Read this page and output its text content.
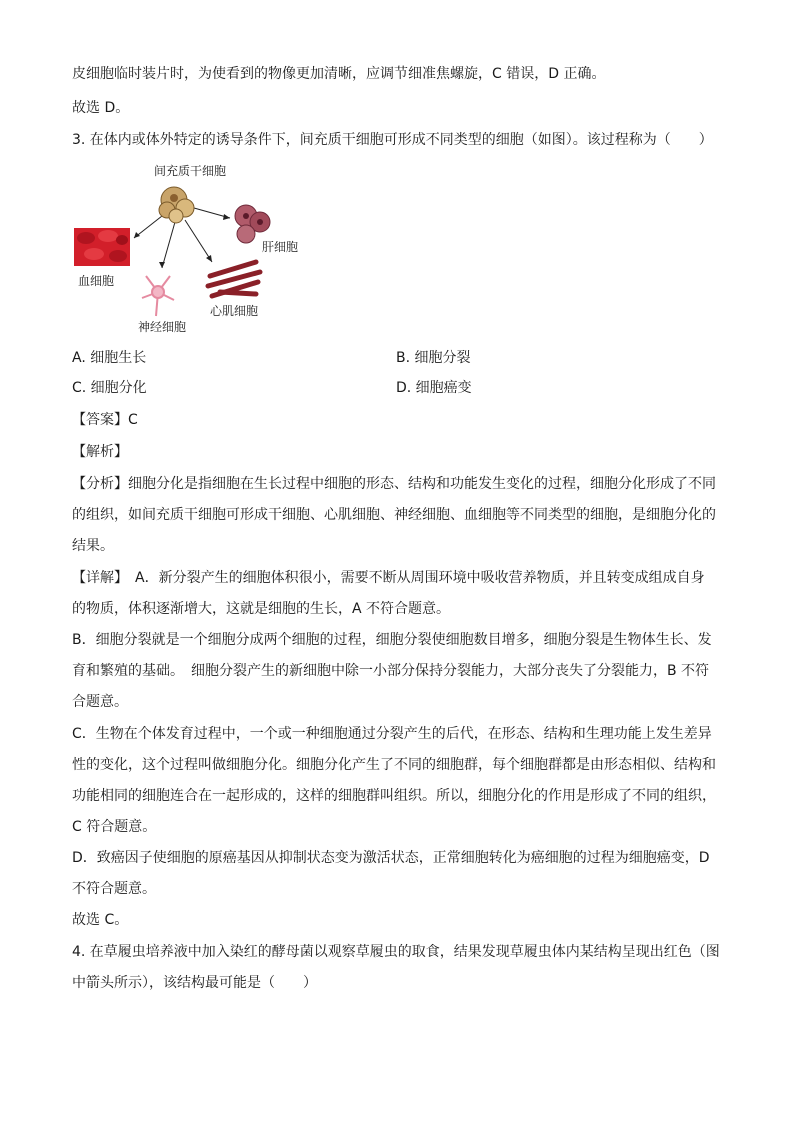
皮细胞临时装片时，为使看到的物像更加清晰，应调节细准焦螺旋，C 错误，D 正确。
故选 D。
3. 在体内或体外特定的诱导条件下，间充质干细胞可形成不同类型的细胞（如图）。该过程称为（　　）
间充质干细胞
肝细胞
血细胞
心肌细胞
神经细胞
A. 细胞生长	B. 细胞分裂
C. 细胞分化	D. 细胞癌变
【答案】C
【解析】
【分析】细胞分化是指细胞在生长过程中细胞的形态、结构和功能发生变化的过程，细胞分化形成了不同
的组织，如间充质干细胞可形成干细胞、心肌细胞、神经细胞、血细胞等不同类型的细胞，是细胞分化的
结果。
【详解】　A．新分裂产生的细胞体积很小，需要不断从周围环境中吸收营养物质，并且转变成组成自身
的物质，体积逐渐增大，这就是细胞的生长，A 不符合题意。
B．细胞分裂就是一个细胞分成两个细胞的过程，细胞分裂使细胞数目增多，细胞分裂是生物体生长、发
育和繁殖的基础。　细胞分裂产生的新细胞中除一小部分保持分裂能力，大部分丧失了分裂能力，B 不符
合题意。
C．生物在个体发育过程中，一个或一种细胞通过分裂产生的后代，在形态、结构和生理功能上发生差异
性的变化，这个过程叫做细胞分化。细胞分化产生了不同的细胞群，每个细胞群都是由形态相似、结构和
功能相同的细胞连合在一起形成的，这样的细胞群叫组织。所以，细胞分化的作用是形成了不同的组织，
C 符合题意。
D．致癌因子使细胞的原癌基因从抑制状态变为激活状态，正常细胞转化为癌细胞的过程为细胞癌变，D
不符合题意。
故选 C。
4. 在草履虫培养液中加入染红的酵母菌以观察草履虫的取食，结果发现草履虫体内某结构呈现出红色（图
中箭头所示），该结构最可能是（　　）
